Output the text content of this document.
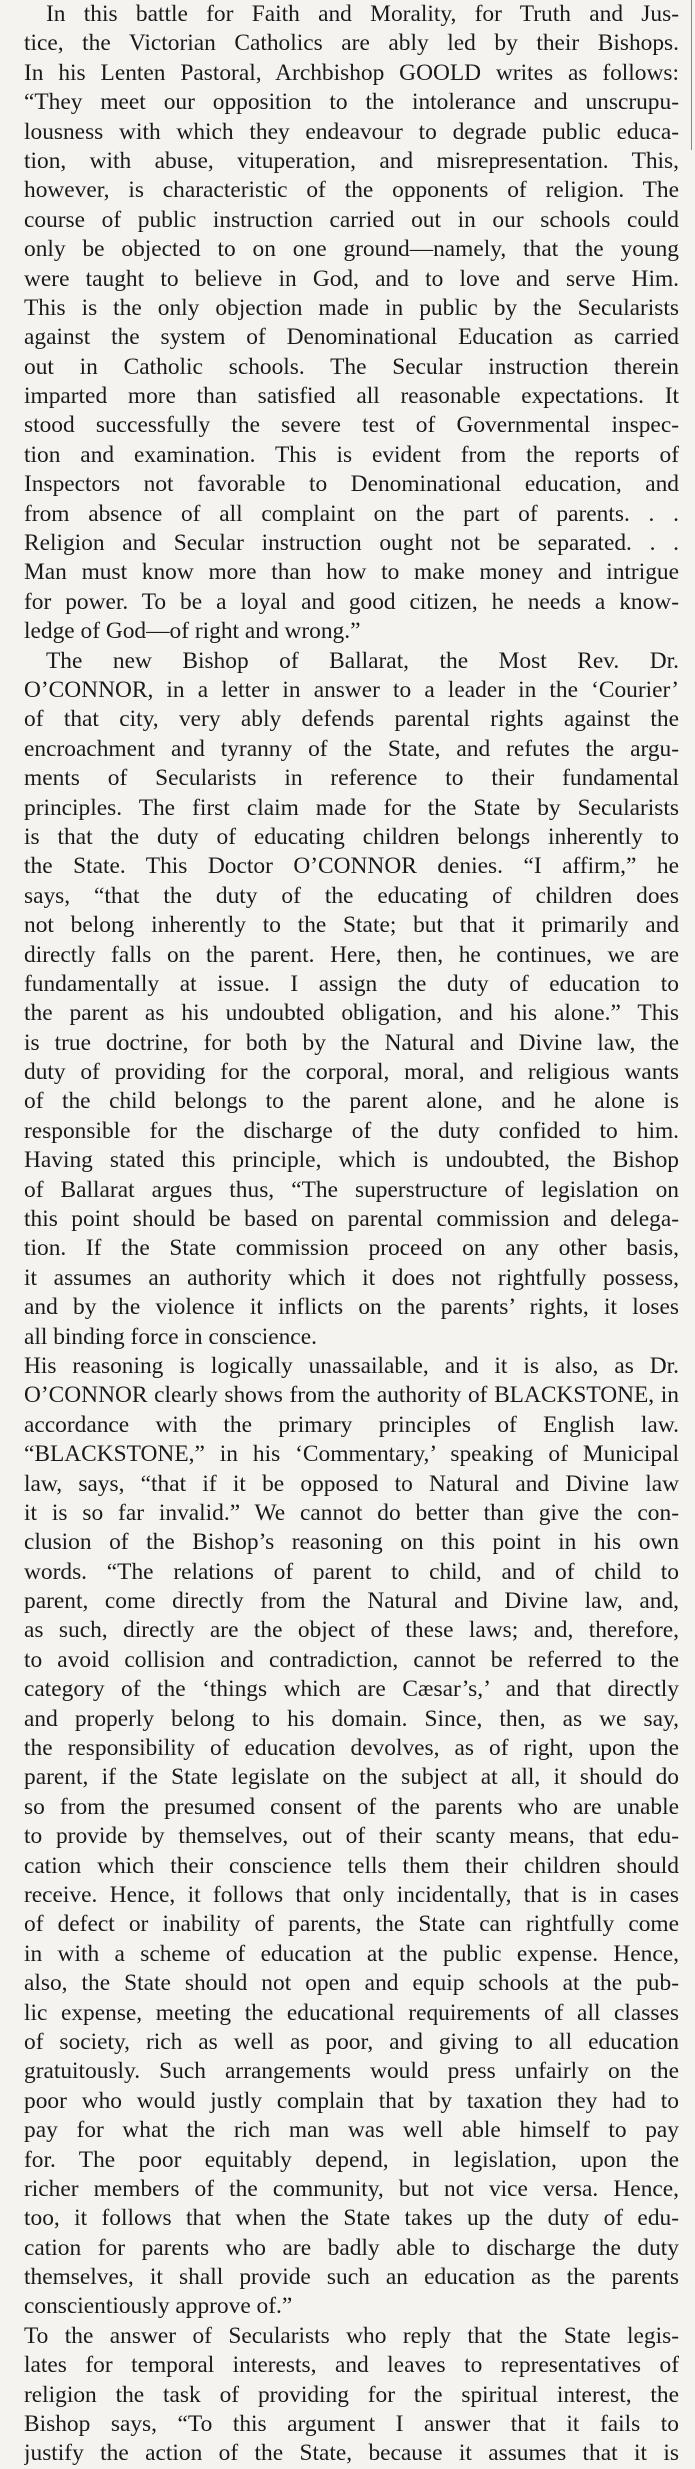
In this battle for Faith and Morality, for Truth and Jus-
tice, the Victorian Catholics are ably led by their Bishops.
In his Lenten Pastoral, Archbishop GOOLD writes as follows:
“They meet our opposition to the intolerance and unscrupu-
lousness with which they endeavour to degrade public educa-
tion, with abuse, vituperation, and misrepresentation. This,
however, is characteristic of the opponents of religion. The
course of public instruction carried out in our schools could
only be objected to on one ground—namely, that the young
were taught to believe in God, and to love and serve Him.
This is the only objection made in public by the Secularists
against the system of Denominational Education as carried
out in Catholic schools. The Secular instruction therein
imparted more than satisfied all reasonable expectations. It
stood successfully the severe test of Governmental inspec-
tion and examination. This is evident from the reports of
Inspectors not favorable to Denominational education, and
from absence of all complaint on the part of parents. . .
Religion and Secular instruction ought not be separated. . .
Man must know more than how to make money and intrigue
for power. To be a loyal and good citizen, he needs a know-
ledge of God—of right and wrong.”
The new Bishop of Ballarat, the Most Rev. Dr.
O’CONNOR, in a letter in answer to a leader in the ‘Courier’
of that city, very ably defends parental rights against the
encroachment and tyranny of the State, and refutes the argu-
ments of Secularists in reference to their fundamental
principles. The first claim made for the State by Secularists
is that the duty of educating children belongs inherently to
the State. This Doctor O’CONNOR denies. “I affirm,” he
says, “that the duty of the educating of children does
not belong inherently to the State; but that it primarily and
directly falls on the parent. Here, then, he continues, we are
fundamentally at issue. I assign the duty of education to
the parent as his undoubted obligation, and his alone.” This
is true doctrine, for both by the Natural and Divine law, the
duty of providing for the corporal, moral, and religious wants
of the child belongs to the parent alone, and he alone is
responsible for the discharge of the duty confided to him.
Having stated this principle, which is undoubted, the Bishop
of Ballarat argues thus, “The superstructure of legislation on
this point should be based on parental commission and delega-
tion. If the State commission proceed on any other basis,
it assumes an authority which it does not rightfully possess,
and by the violence it inflicts on the parents’ rights, it loses
all binding force in conscience.
His reasoning is logically unassailable, and it is also, as Dr.
O’CONNOR clearly shows from the authority of BLACKSTONE, in
accordance with the primary principles of English law.
“BLACKSTONE,” in his ‘Commentary,’ speaking of Municipal
law, says, “that if it be opposed to Natural and Divine law
it is so far invalid.” We cannot do better than give the con-
clusion of the Bishop’s reasoning on this point in his own
words. “The relations of parent to child, and of child to
parent, come directly from the Natural and Divine law, and,
as such, directly are the object of these laws; and, therefore,
to avoid collision and contradiction, cannot be referred to the
category of the ‘things which are Cæsar’s,’ and that directly
and properly belong to his domain. Since, then, as we say,
the responsibility of education devolves, as of right, upon the
parent, if the State legislate on the subject at all, it should do
so from the presumed consent of the parents who are unable
to provide by themselves, out of their scanty means, that edu-
cation which their conscience tells them their children should
receive. Hence, it follows that only incidentally, that is in cases
of defect or inability of parents, the State can rightfully come
in with a scheme of education at the public expense. Hence,
also, the State should not open and equip schools at the pub-
lic expense, meeting the educational requirements of all classes
of society, rich as well as poor, and giving to all education
gratuitously. Such arrangements would press unfairly on the
poor who would justly complain that by taxation they had to
pay for what the rich man was well able himself to pay
for. The poor equitably depend, in legislation, upon the
richer members of the community, but not vice versa. Hence,
too, it follows that when the State takes up the duty of edu-
cation for parents who are badly able to discharge the duty
themselves, it shall provide such an education as the parents
conscientiously approve of.”
To the answer of Secularists who reply that the State legis-
lates for temporal interests, and leaves to representatives of
religion the task of providing for the spiritual interest, the
Bishop says, “To this argument I answer that it fails to
justify the action of the State, because it assumes that it is
